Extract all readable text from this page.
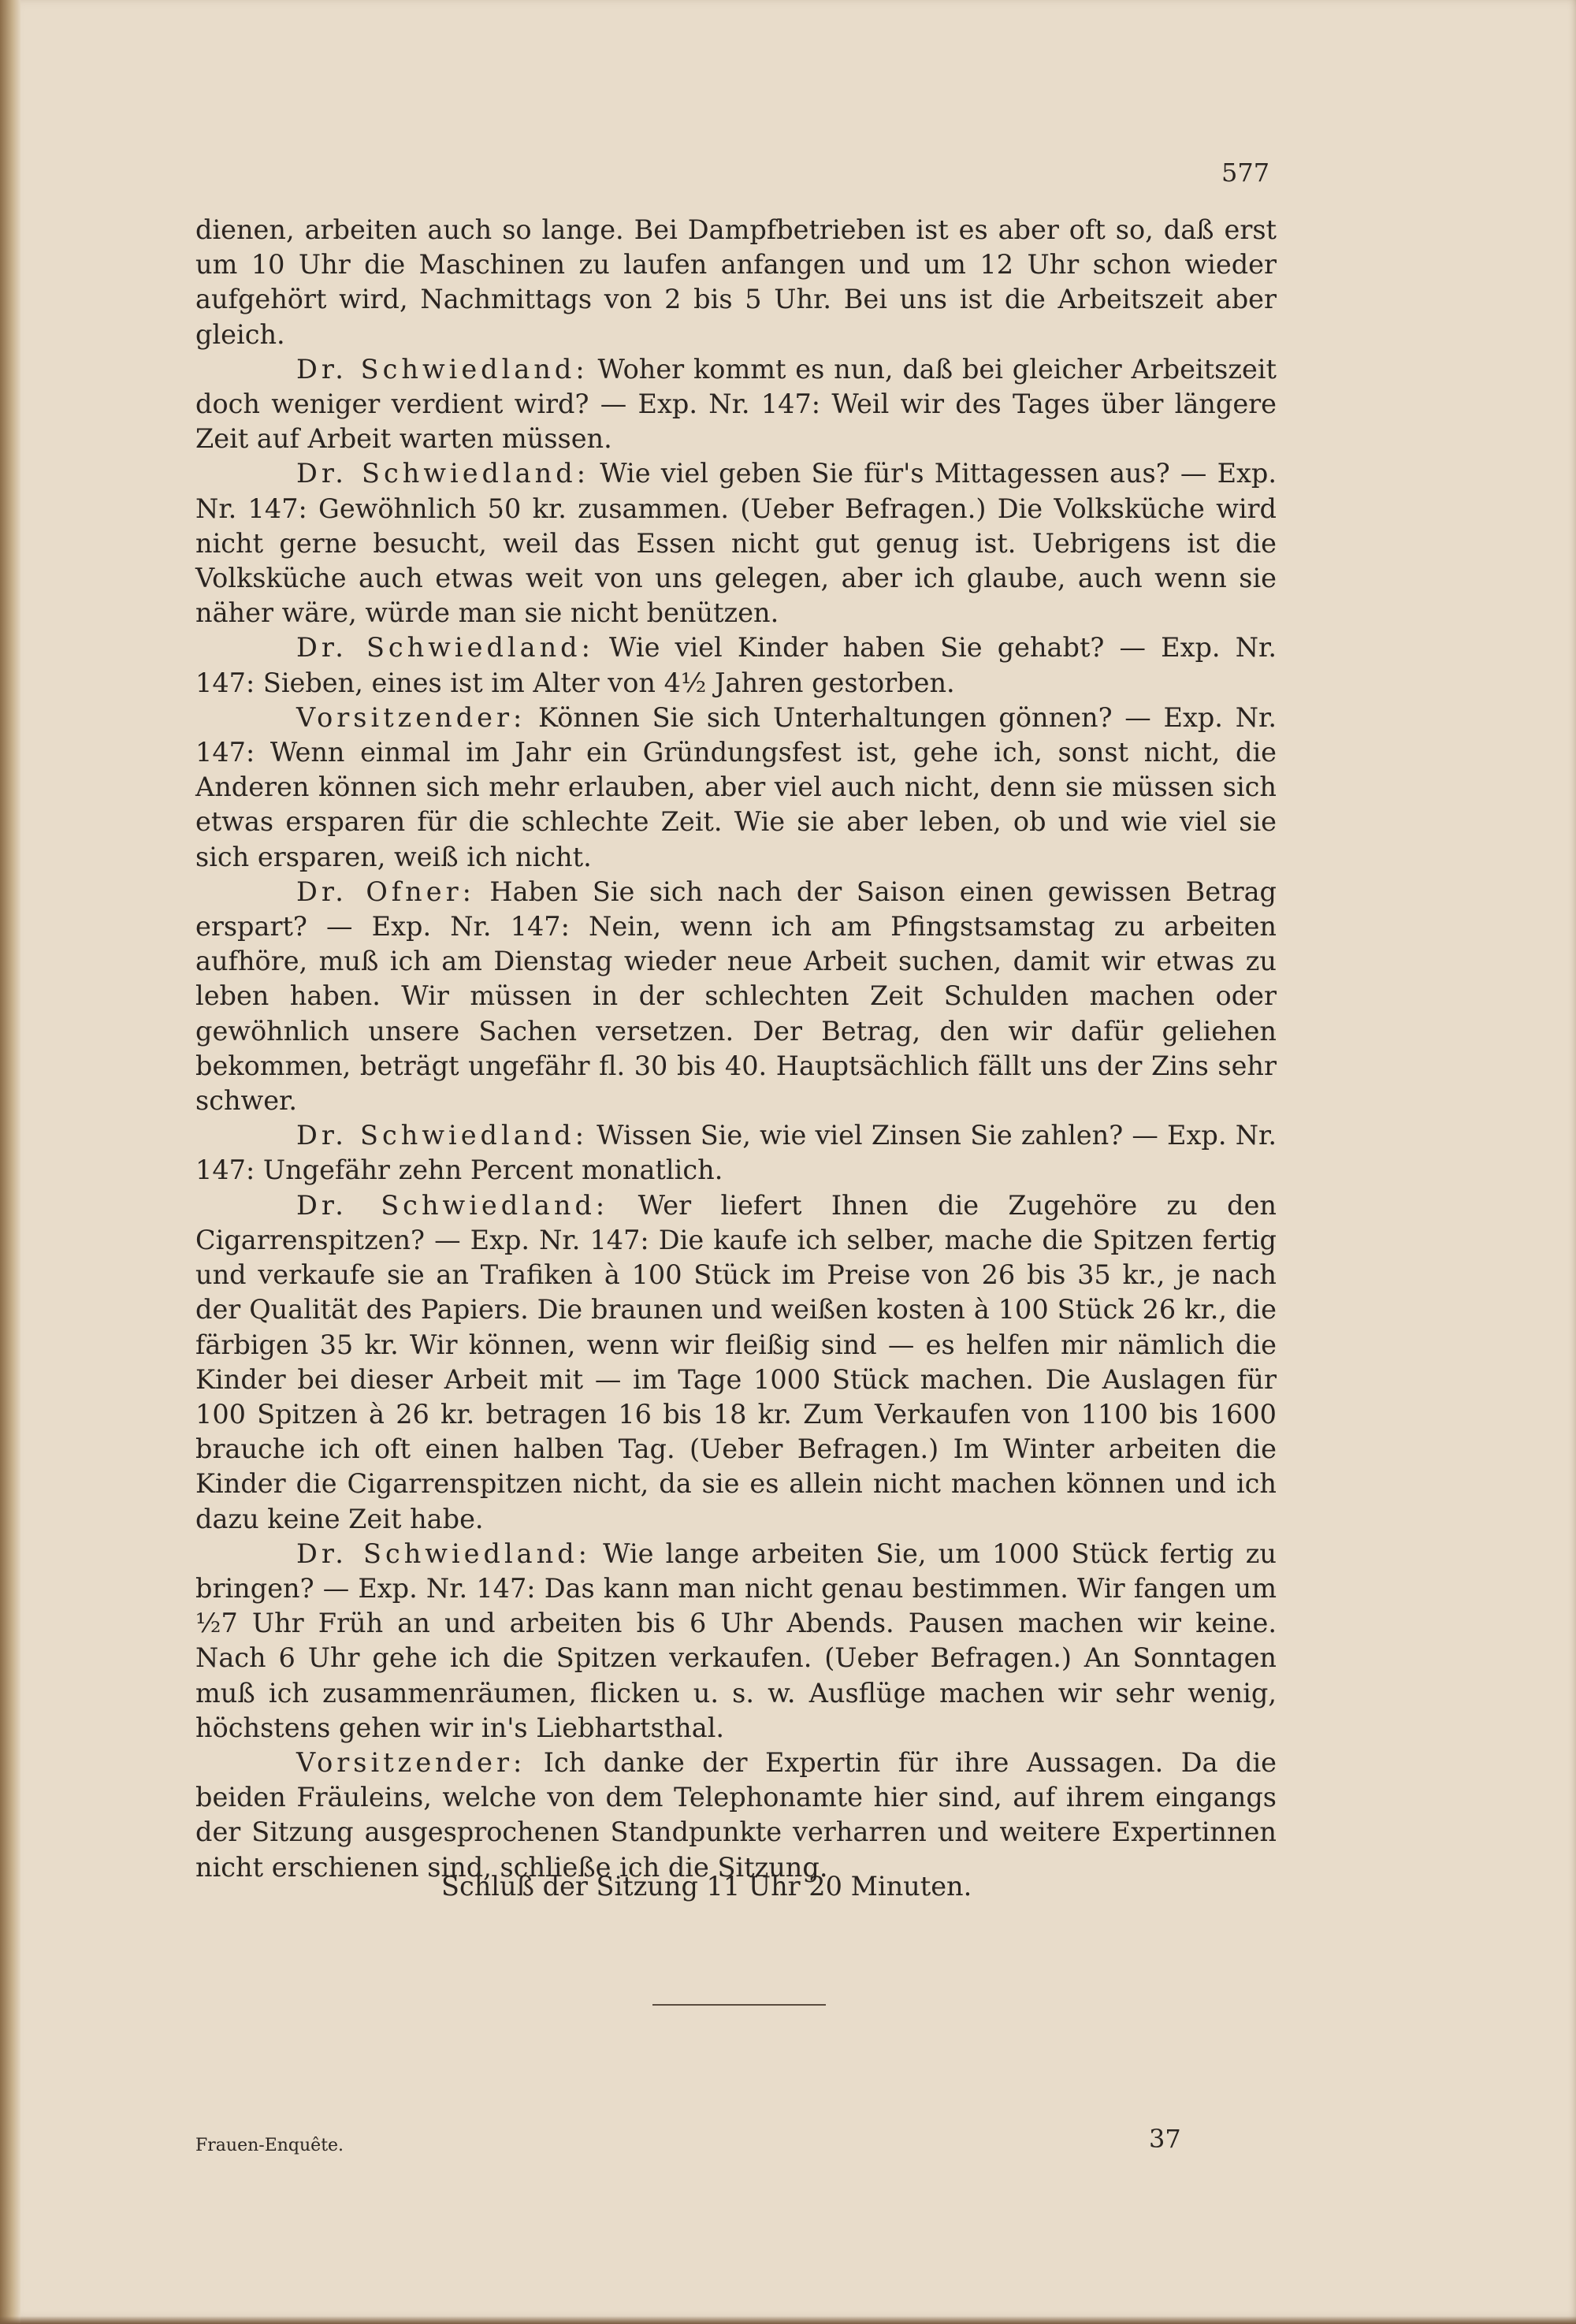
577

dienen, arbeiten auch so lange. Bei Dampfbetrieben ist es aber oft so, daß erst um 10 Uhr die Maschinen zu laufen anfangen und um 12 Uhr schon wieder aufgehört wird, Nachmittags von 2 bis 5 Uhr. Bei uns ist die Arbeitszeit aber gleich.

Dr. Schwiedland: Woher kommt es nun, daß bei gleicher Arbeitszeit doch weniger verdient wird? — Exp. Nr. 147: Weil wir des Tages über längere Zeit auf Arbeit warten müssen.

Dr. Schwiedland: Wie viel geben Sie für's Mittagessen aus? — Exp. Nr. 147: Gewöhnlich 50 kr. zusammen. (Ueber Befragen.) Die Volksküche wird nicht gerne besucht, weil das Essen nicht gut genug ist. Uebrigens ist die Volksküche auch etwas weit von uns gelegen, aber ich glaube, auch wenn sie näher wäre, würde man sie nicht benützen.

Dr. Schwiedland: Wie viel Kinder haben Sie gehabt? — Exp. Nr. 147: Sieben, eines ist im Alter von 4½ Jahren gestorben.

Vorsitzender: Können Sie sich Unterhaltungen gönnen? — Exp. Nr. 147: Wenn einmal im Jahr ein Gründungsfest ist, gehe ich, sonst nicht, die Anderen können sich mehr erlauben, aber viel auch nicht, denn sie müssen sich etwas ersparen für die schlechte Zeit. Wie sie aber leben, ob und wie viel sie sich ersparen, weiß ich nicht.

Dr. Ofner: Haben Sie sich nach der Saison einen gewissen Betrag erspart? — Exp. Nr. 147: Nein, wenn ich am Pfingstsamstag zu arbeiten aufhöre, muß ich am Dienstag wieder neue Arbeit suchen, damit wir etwas zu leben haben. Wir müssen in der schlechten Zeit Schulden machen oder gewöhnlich unsere Sachen versetzen. Der Betrag, den wir dafür geliehen bekommen, beträgt ungefähr fl. 30 bis 40. Hauptsächlich fällt uns der Zins sehr schwer.

Dr. Schwiedland: Wissen Sie, wie viel Zinsen Sie zahlen? — Exp. Nr. 147: Ungefähr zehn Percent monatlich.

Dr. Schwiedland: Wer liefert Ihnen die Zugehöre zu den Cigarrenspitzen? — Exp. Nr. 147: Die kaufe ich selber, mache die Spitzen fertig und verkaufe sie an Trafiken à 100 Stück im Preise von 26 bis 35 kr., je nach der Qualität des Papiers. Die braunen und weißen kosten à 100 Stück 26 kr., die färbigen 35 kr. Wir können, wenn wir fleißig sind — es helfen mir nämlich die Kinder bei dieser Arbeit mit — im Tage 1000 Stück machen. Die Auslagen für 100 Spitzen à 26 kr. betragen 16 bis 18 kr. Zum Verkaufen von 1100 bis 1600 brauche ich oft einen halben Tag. (Ueber Befragen.) Im Winter arbeiten die Kinder die Cigarrenspitzen nicht, da sie es allein nicht machen können und ich dazu keine Zeit habe.

Dr. Schwiedland: Wie lange arbeiten Sie, um 1000 Stück fertig zu bringen? — Exp. Nr. 147: Das kann man nicht genau bestimmen. Wir fangen um ½7 Uhr Früh an und arbeiten bis 6 Uhr Abends. Pausen machen wir keine. Nach 6 Uhr gehe ich die Spitzen verkaufen. (Ueber Befragen.) An Sonntagen muß ich zusammenräumen, flicken u. s. w. Ausflüge machen wir sehr wenig, höchstens gehen wir in's Liebhartsthal.

Vorsitzender: Ich danke der Expertin für ihre Aussagen. Da die beiden Fräuleins, welche von dem Telephonamte hier sind, auf ihrem eingangs der Sitzung ausgesprochenen Standpunkte verharren und weitere Expertinnen nicht erschienen sind, schließe ich die Sitzung.

Schluß der Sitzung 11 Uhr 20 Minuten.
Frauen-Enquête.	37
